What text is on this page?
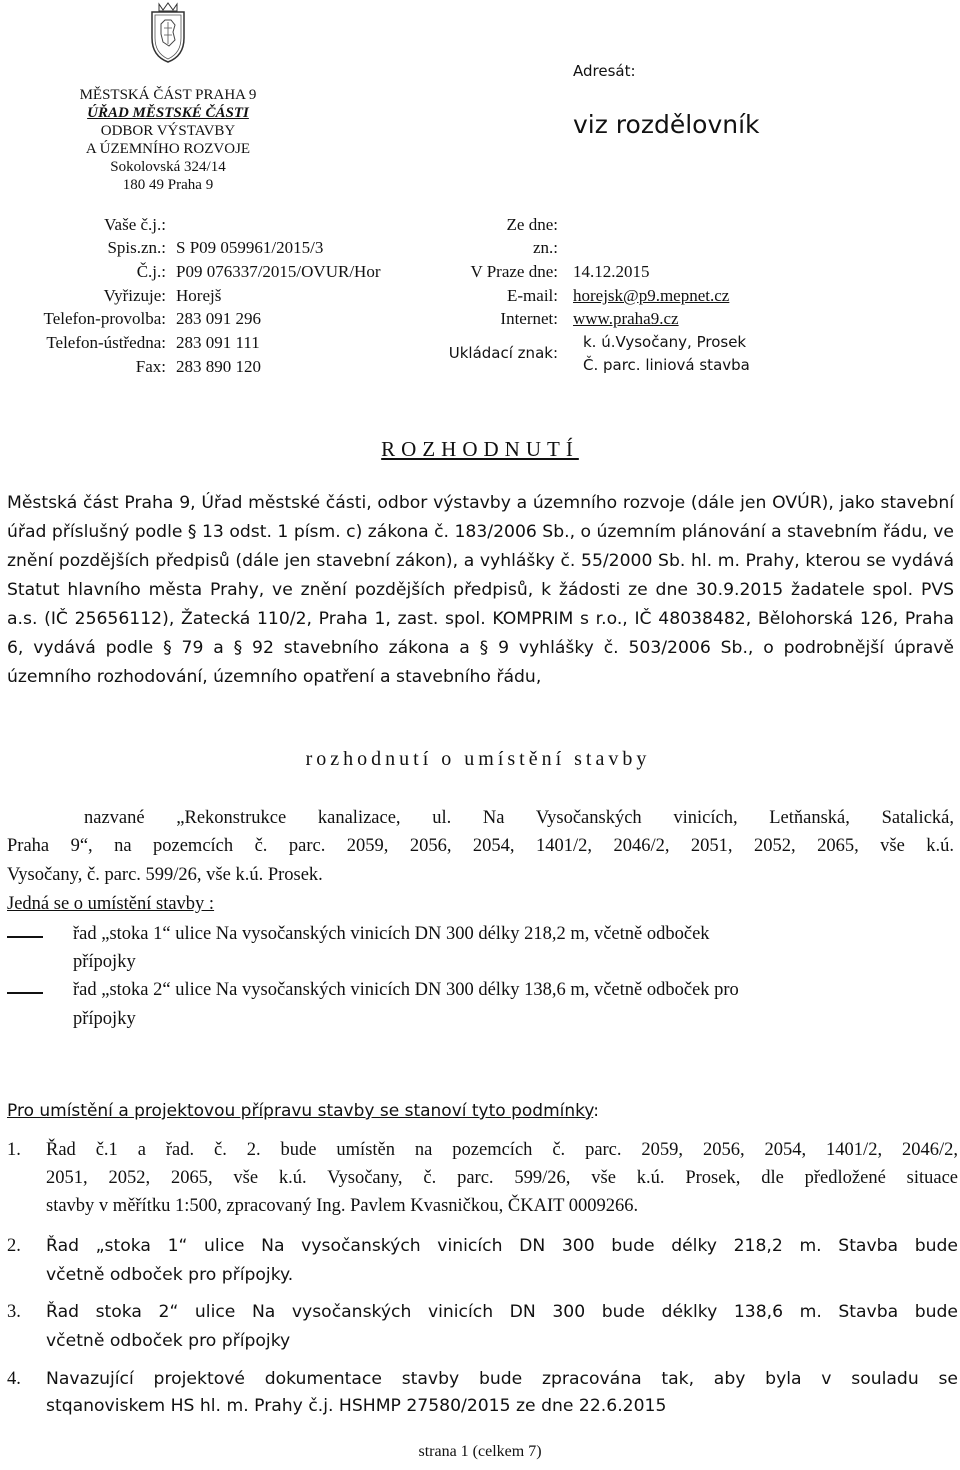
MĚSTSKÁ ČÁST PRAHA 9
ÚŘAD MĚSTSKÉ ČÁSTI
ODBOR VÝSTAVBY
A ÚZEMNÍHO ROZVOJE
Sokolovská 324/14
180 49 Praha 9
Adresát:
viz rozdělovník
Vaše č.j.:
Spis.zn.: S P09 059961/2015/3
Č.j.: P09 076337/2015/OVUR/Hor
Vyřizuje: Horejš
Telefon-provolba: 283 091 296
Telefon-ústředna: 283 091 111
Fax: 283 890 120
Ze dne:
zn.:
V Praze dne: 14.12.2015
E-mail: horejsk@p9.mepnet.cz
Internet: www.praha9.cz
Ukládací znak:
k. ú.Vysočany, Prosek
Č. parc. liniová stavba
ROZHODNUTÍ

Městská část Praha 9, Úřad městské části, odbor výstavby a územního rozvoje (dále jen OVÚR), jako stavební úřad příslušný podle § 13 odst. 1 písm. c) zákona č. 183/2006 Sb., o územním plánování a stavebním řádu, ve znění pozdějších předpisů (dále jen stavební zákon), a vyhlášky č. 55/2000 Sb. hl. m. Prahy, kterou se vydává Statut hlavního města Prahy, ve znění pozdějších předpisů, k žádosti ze dne 30.9.2015 žadatele spol. PVS a.s. (IČ 25656112), Žatecká 110/2, Praha 1, zast. spol. KOMPRIM s r.o., IČ 48038482, Bělohorská 126, Praha 6, vydává podle § 79 a § 92 stavebního zákona a § 9 vyhlášky č. 503/2006 Sb., o podrobnější úpravě územního rozhodování, územního opatření a stavebního řádu,

rozhodnutí o umístění stavby
nazvané „Rekonstrukce kanalizace, ul. Na Vysočanských vinicích, Letňanská, Satalická,
Praha 9“, na pozemcích č. parc. 2059, 2056, 2054, 1401/2, 2046/2, 2051, 2052, 2065, vše k.ú.
Vysočany, č. parc. 599/26, vše k.ú. Prosek.
Jedná se o umístění stavby :
řad „stoka 1“ ulice Na vysočanských vinicích DN 300 délky 218,2 m, včetně odboček
přípojky
řad „stoka 2“ ulice Na vysočanských vinicích DN 300 délky 138,6 m, včetně odboček pro
přípojky
Pro umístění a projektovou přípravu stavby se stanoví tyto podmínky:
1. Řad č.1 a řad. č. 2. bude umístěn na pozemcích č. parc. 2059, 2056, 2054, 1401/2, 2046/2,
2051, 2052, 2065, vše k.ú. Vysočany, č. parc. 599/26, vše k.ú. Prosek, dle předložené situace
stavby v měřítku 1:500, zpracovaný Ing. Pavlem Kvasničkou, ČKAIT 0009266.
2. Řad „stoka 1“ ulice Na vysočanských vinicích DN 300 bude délky 218,2 m. Stavba bude
včetně odboček pro přípojky.
3. Řad stoka 2“ ulice Na vysočanských vinicích DN 300 bude déklky 138,6 m. Stavba bude
včetně odboček pro přípojky
4. Navazující projektové dokumentace stavby bude zpracována tak, aby byla v souladu se
stqanoviskem HS hl. m. Prahy č.j. HSHMP 27580/2015 ze dne 22.6.2015
strana 1 (celkem 7)
